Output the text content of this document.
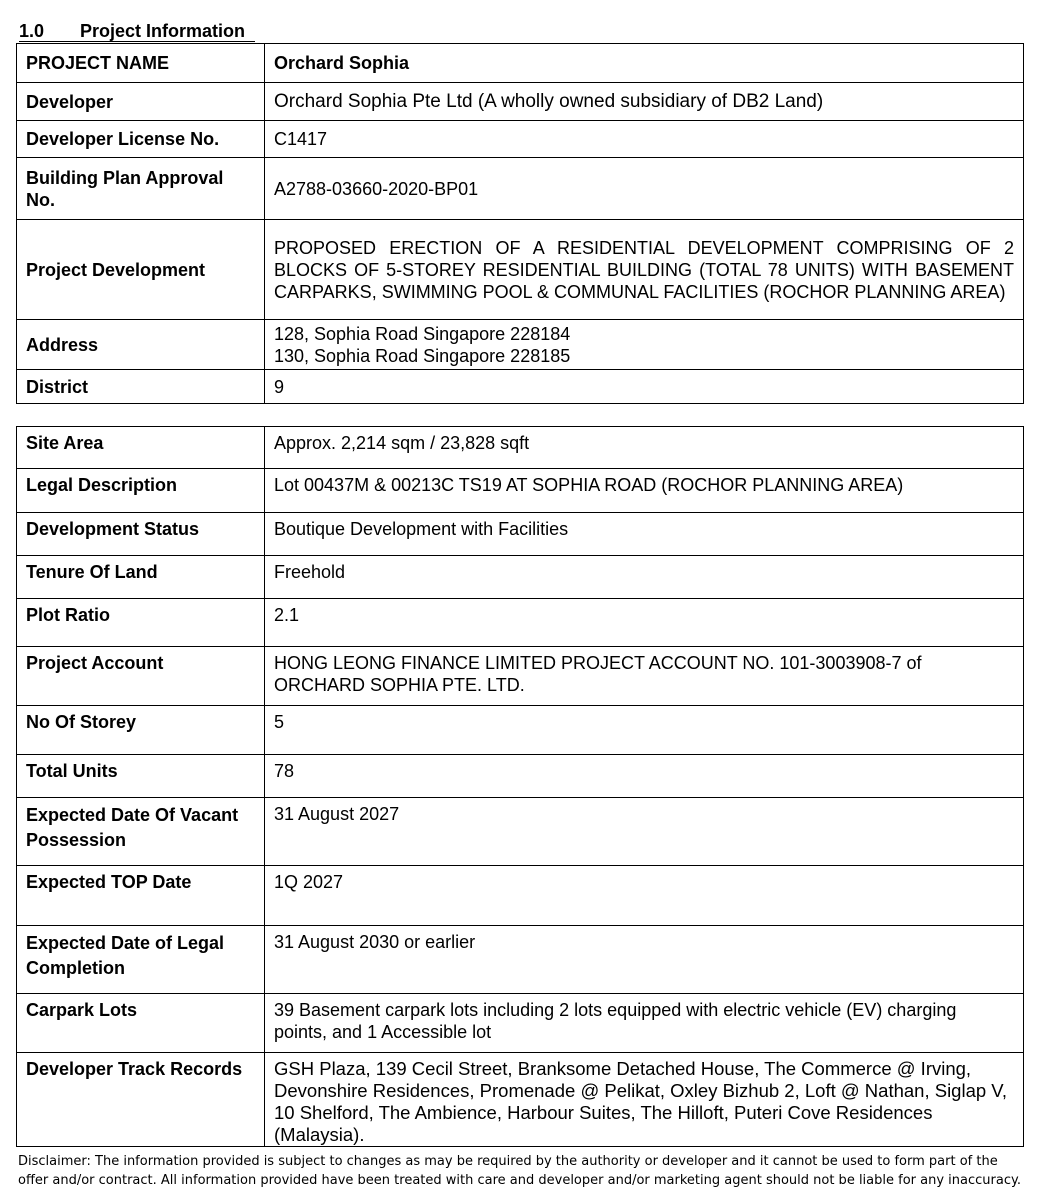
1.0 Project Information
PROJECT NAME	Orchard Sophia
Developer	Orchard Sophia Pte Ltd (A wholly owned subsidiary of DB2 Land)
Developer License No.	C1417
Building Plan Approval No.	A2788-03660-2020-BP01
Project Development	PROPOSED ERECTION OF A RESIDENTIAL DEVELOPMENT COMPRISING OF 2 BLOCKS OF 5-STOREY RESIDENTIAL BUILDING (TOTAL 78 UNITS) WITH BASEMENT CARPARKS, SWIMMING POOL & COMMUNAL FACILITIES (ROCHOR PLANNING AREA)
Address	128, Sophia Road Singapore 228184
130, Sophia Road Singapore 228185

District	9
Site Area	Approx. 2,214 sqm / 23,828 sqft
Legal Description	Lot 00437M & 00213C TS19 AT SOPHIA ROAD (ROCHOR PLANNING AREA)
Development Status	Boutique Development with Facilities
Tenure Of Land	Freehold
Plot Ratio	2.1
Project Account	HONG LEONG FINANCE LIMITED PROJECT ACCOUNT NO. 101-3003908-7 of ORCHARD SOPHIA PTE. LTD.
No Of Storey	5
Total Units	78
Expected Date Of Vacant Possession	31 August 2027
Expected TOP Date	1Q 2027
Expected Date of Legal Completion	31 August 2030 or earlier
Carpark Lots	39 Basement carpark lots including 2 lots equipped with electric vehicle (EV) charging points, and 1 Accessible lot
Developer Track Records	GSH Plaza, 139 Cecil Street, Branksome Detached House, The Commerce @ Irving, Devonshire Residences, Promenade @ Pelikat, Oxley Bizhub 2, Loft @ Nathan, Siglap V, 10 Shelford, The Ambience, Harbour Suites, The Hilloft, Puteri Cove Residences (Malaysia).
Disclaimer: The information provided is subject to changes as may be required by the authority or developer and it cannot be used to form part of the offer and/or contract. All information provided have been treated with care and developer and/or marketing agent should not be liable for any inaccuracy.
